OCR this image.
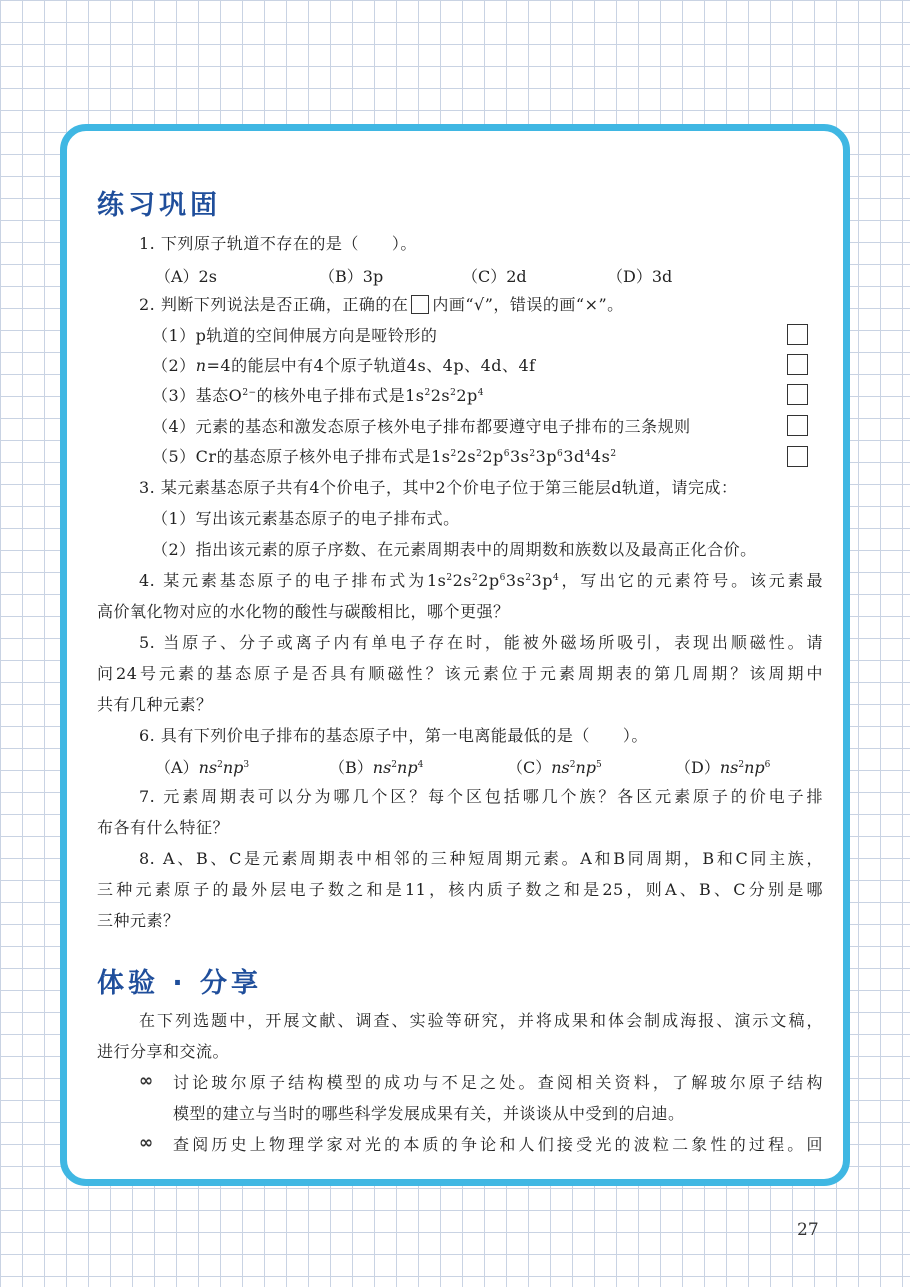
练习巩固
1. 下列原子轨道不存在的是（　　）。
（A）2s	（B）3p	（C）2d	（D）3d
2. 判断下列说法是否正确，正确的在 内画“√”，错误的画“×”。
（1）p轨道的空间伸展方向是哑铃形的
（2）n=4的能层中有4个原子轨道4s、4p、4d、4f
（3）基态$O^{2-}$的核外电子排布式是$1s^22s^22p^4$
（4）元素的基态和激发态原子核外电子排布都要遵守电子排布的三条规则
（5）Cr的基态原子核外电子排布式是$1s^22s^22p^63s^23p^63d^44s^2$
3. 某元素基态原子共有4个价电子，其中2个价电子位于第三能层d轨道，请完成：
（1）写出该元素基态原子的电子排布式。
（2）指出该元素的原子序数、在元素周期表中的周期数和族数以及最高正化合价。
4. 某元素基态原子的电子排布式为$1s^22s^22p^63s^23p^4$，写出它的元素符号。该元素最
高价氧化物对应的水化物的酸性与碳酸相比，哪个更强？
5. 当原子、分子或离子内有单电子存在时，能被外磁场所吸引，表现出顺磁性。请
问24号元素的基态原子是否具有顺磁性？该元素位于元素周期表的第几周期？该周期中
共有几种元素？
6. 具有下列价电子排布的基态原子中，第一电离能最低的是（　　）。
$(A)ns^2np^3$	$(B)ns^2np^4$	$(C)ns^2np^5$	$(D)ns^2np^6$
7. 元素周期表可以分为哪几个区？每个区包括哪几个族？各区元素原子的价电子排
布各有什么特征？
8. A、B、C是元素周期表中相邻的三种短周期元素。A和B同周期，B和C同主族，
三种元素原子的最外层电子数之和是11，核内质子数之和是25，则A、B、C分别是哪
三种元素？
体验 · 分享
在下列选题中，开展文献、调查、实验等研究，并将成果和体会制成海报、演示文稿，
进行分享和交流。
∞ 讨论玻尔原子结构模型的成功与不足之处。查阅相关资料，了解玻尔原子结构
模型的建立与当时的哪些科学发展成果有关，并谈谈从中受到的启迪。
∞ 查阅历史上物理学家对光的本质的争论和人们接受光的波粒二象性的过程。回
27
